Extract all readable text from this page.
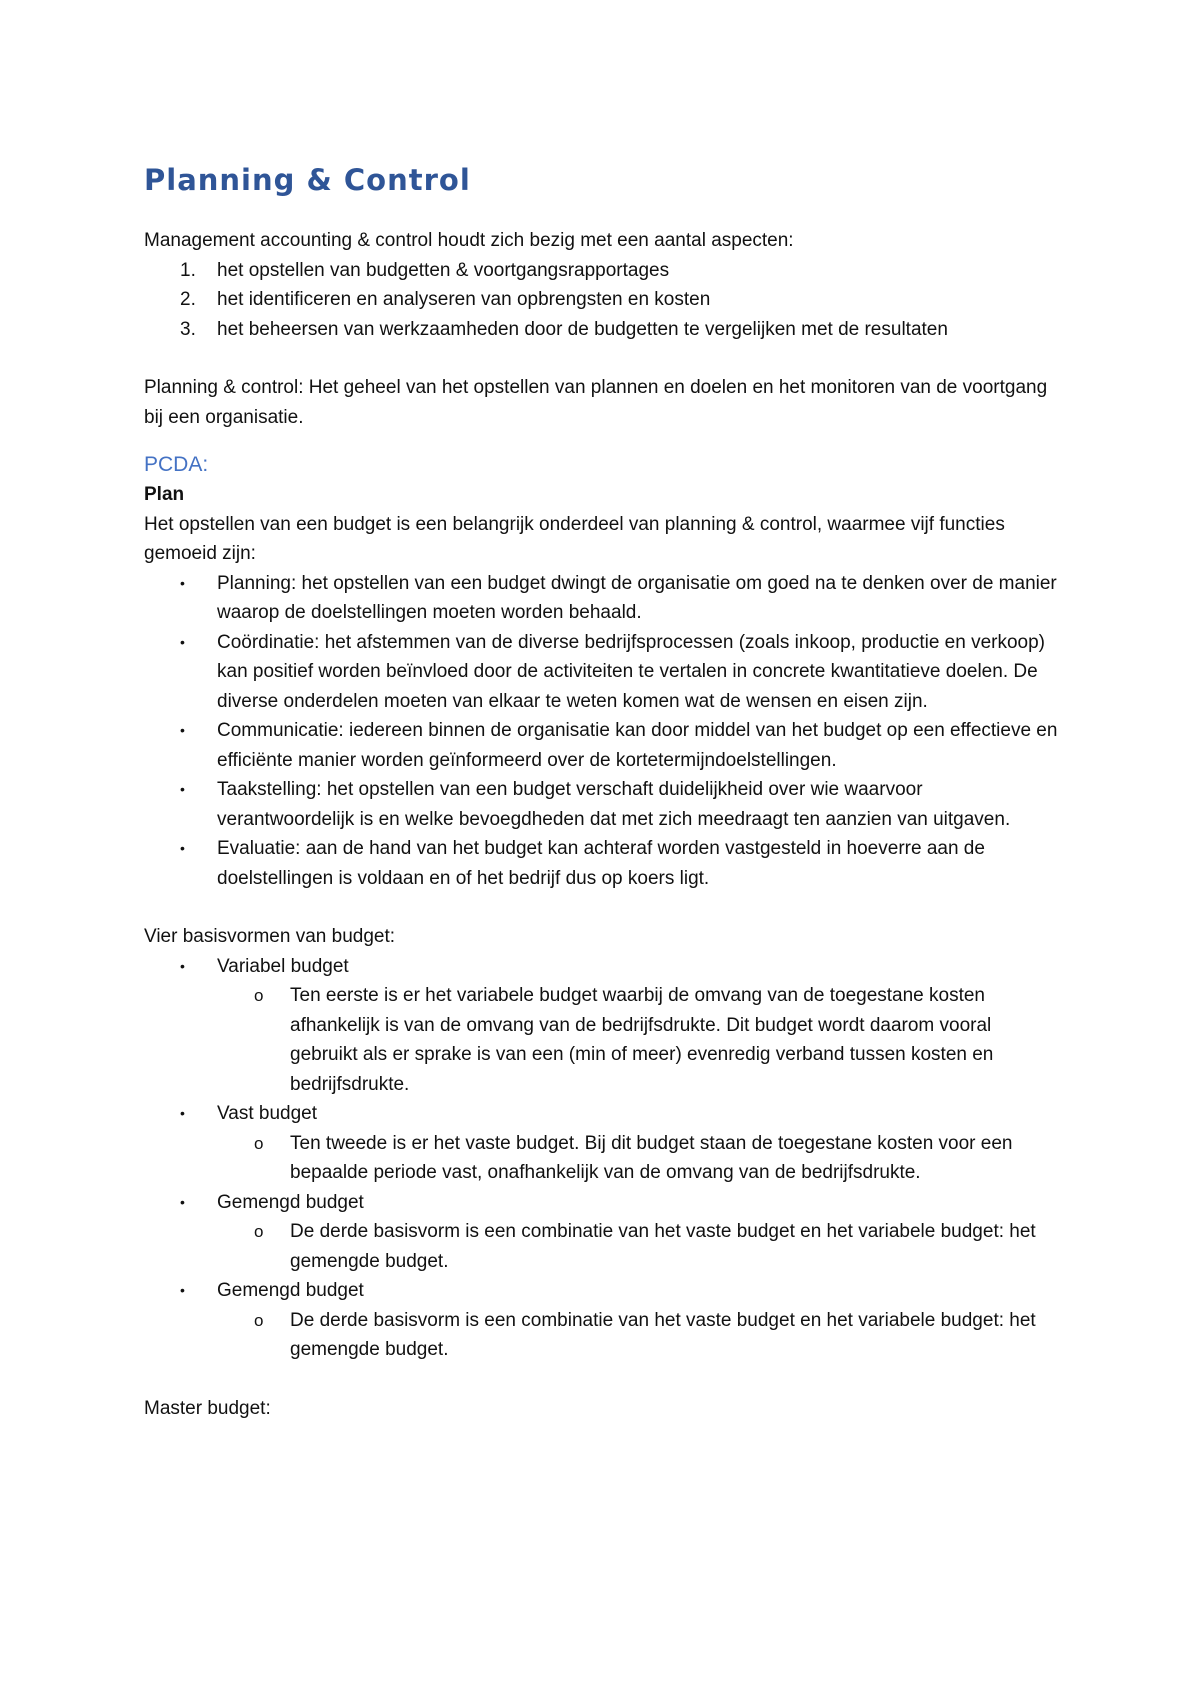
Planning & Control

Management accounting & control houdt zich bezig met een aantal aspecten:

1.	het opstellen van budgetten & voortgangsrapportages
2.	het identificeren en analyseren van opbrengsten en kosten
3.	het beheersen van werkzaamheden door de budgetten te vergelijken met de resultaten

Planning & control: Het geheel van het opstellen van plannen en doelen en het monitoren van de voortgang bij een organisatie.

PCDA:
Plan

Het opstellen van een budget is een belangrijk onderdeel van planning & control, waarmee vijf functies gemoeid zijn:

•	Planning: het opstellen van een budget dwingt de organisatie om goed na te denken over de manier waarop de doelstellingen moeten worden behaald.
•	Coördinatie: het afstemmen van de diverse bedrijfsprocessen (zoals inkoop, productie en verkoop) kan positief worden beïnvloed door de activiteiten te vertalen in concrete kwantitatieve doelen. De diverse onderdelen moeten van elkaar te weten komen wat de wensen en eisen zijn.
•	Communicatie: iedereen binnen de organisatie kan door middel van het budget op een effectieve en efficiënte manier worden geïnformeerd over de kortetermijndoelstellingen.
•	Taakstelling: het opstellen van een budget verschaft duidelijkheid over wie waarvoor verantwoordelijk is en welke bevoegdheden dat met zich meedraagt ten aanzien van uitgaven.
•	Evaluatie: aan de hand van het budget kan achteraf worden vastgesteld in hoeverre aan de doelstellingen is voldaan en of het bedrijf dus op koers ligt.

Vier basisvormen van budget:

•	Variabel budget
o Ten eerste is er het variabele budget waarbij de omvang van de toegestane kosten afhankelijk is van de omvang van de bedrijfsdrukte. Dit budget wordt daarom vooral gebruikt als er sprake is van een (min of meer) evenredig verband tussen kosten en bedrijfsdrukte.
•	Vast budget
o Ten tweede is er het vaste budget. Bij dit budget staan de toegestane kosten voor een bepaalde periode vast, onafhankelijk van de omvang van de bedrijfsdrukte.
•	Gemengd budget
o De derde basisvorm is een combinatie van het vaste budget en het variabele budget: het gemengde budget.
•	Gemengd budget
o De derde basisvorm is een combinatie van het vaste budget en het variabele budget: het gemengde budget.

Master budget:
